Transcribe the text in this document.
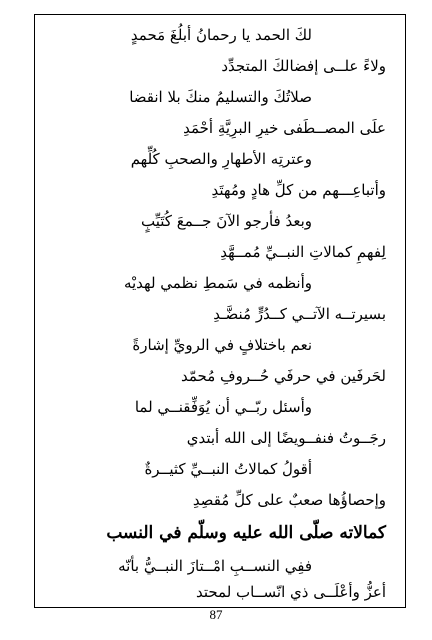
لكَ الحمد يا رحمانُ أبلُغَ مَحمدٍ
ولاءً علــى إفضالكَ المتجدِّد
صلاتُكَ والتسليمُ منكَ بلا انقضا
علَى المصــطَفى خيرِ البرِيَّةِ أحْمَدِ
وعترتِه الأطهارِ والصحبِ كُلِّهم
وأتباعِـــهم من كلِّ هادٍ ومُهتَدِ
وبعدُ فأرجو الآنَ جــمعَ كُتَيِّبٍ
لِفهمِ كمالاتِ النبــيِّ مُمــهَّدِ
وأنظمه في سَمطِ نظمي لهديْه
بسيرتــه الآتــي كــدُرٍّ مُنضَّـدِ
نعم باختلافٍ في الرويِّ إشارةً
لحَرفَين في حرفَي حُــروفِ مُحمّد
وأسئل ربّــي أن يُوَفِّقنــي لما
رجَــوتُ فنفــويضًا إلى الله أبتدي
أقولُ كمالاتُ النبــيِّ كثيــرةٌ
وإحصاؤُها صعبٌ على كلِّ مُقصِدِ
كمالاته صلّى الله عليه وسلّم في النسب
ففِي النســبِ امْــتازَ النبــيُّ بأنّه
أعزُّ وأعْلَــى ذي انّســاب لمحتد
87
